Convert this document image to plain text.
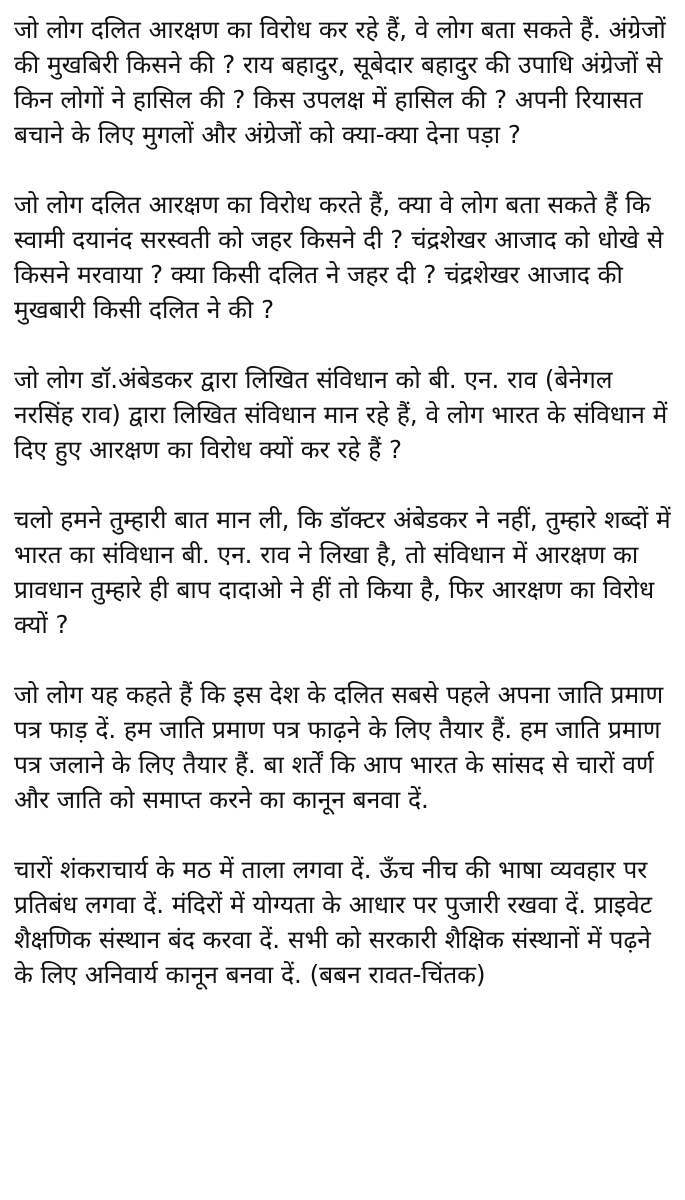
जो लोग दलित आरक्षण का विरोध कर रहे हैं, वे लोग बता सकते हैं. अंग्रेजों की मुखबिरी किसने की ? राय बहादुर, सूबेदार बहादुर की उपाधि अंग्रेजों से किन लोगों ने हासिल की ? किस उपलक्ष में हासिल की ? अपनी रियासत बचाने के लिए मुगलों और अंग्रेजों को क्या-क्या देना पड़ा ?

जो लोग दलित आरक्षण का विरोध करते हैं, क्या वे लोग बता सकते हैं कि स्वामी दयानंद सरस्वती को जहर किसने दी ? चंद्रशेखर आजाद को धोखे से किसने मरवाया ? क्या किसी दलित ने जहर दी ? चंद्रशेखर आजाद की मुखबारी किसी दलित ने की ?

जो लोग डॉ.अंबेडकर द्वारा लिखित संविधान को बी. एन. राव (बेनेगल नरसिंह राव) द्वारा लिखित संविधान मान रहे हैं, वे लोग भारत के संविधान में दिए हुए आरक्षण का विरोध क्यों कर रहे हैं ?

चलो हमने तुम्हारी बात मान ली, कि डॉक्टर अंबेडकर ने नहीं, तुम्हारे शब्दों में भारत का संविधान बी. एन. राव ने लिखा है, तो संविधान में आरक्षण का प्रावधान तुम्हारे ही बाप दादाओ ने हीं तो किया है, फिर आरक्षण का विरोध क्यों ?

जो लोग यह कहते हैं कि इस देश के दलित सबसे पहले अपना जाति प्रमाण पत्र फाड़ दें. हम जाति प्रमाण पत्र फाढ़ने के लिए तैयार हैं. हम जाति प्रमाण पत्र जलाने के लिए तैयार हैं. बा शर्तें कि आप भारत के सांसद से चारों वर्ण और जाति को समाप्त करने का कानून बनवा दें.

चारों शंकराचार्य के मठ में ताला लगवा दें. ऊँच नीच की भाषा व्यवहार पर प्रतिबंध लगवा दें. मंदिरों में योग्यता के आधार पर पुजारी रखवा दें. प्राइवेट शैक्षणिक संस्थान बंद करवा दें. सभी को सरकारी शैक्षिक संस्थानों में पढ़ने के लिए अनिवार्य कानून बनवा दें. (बबन रावत-चिंतक)
